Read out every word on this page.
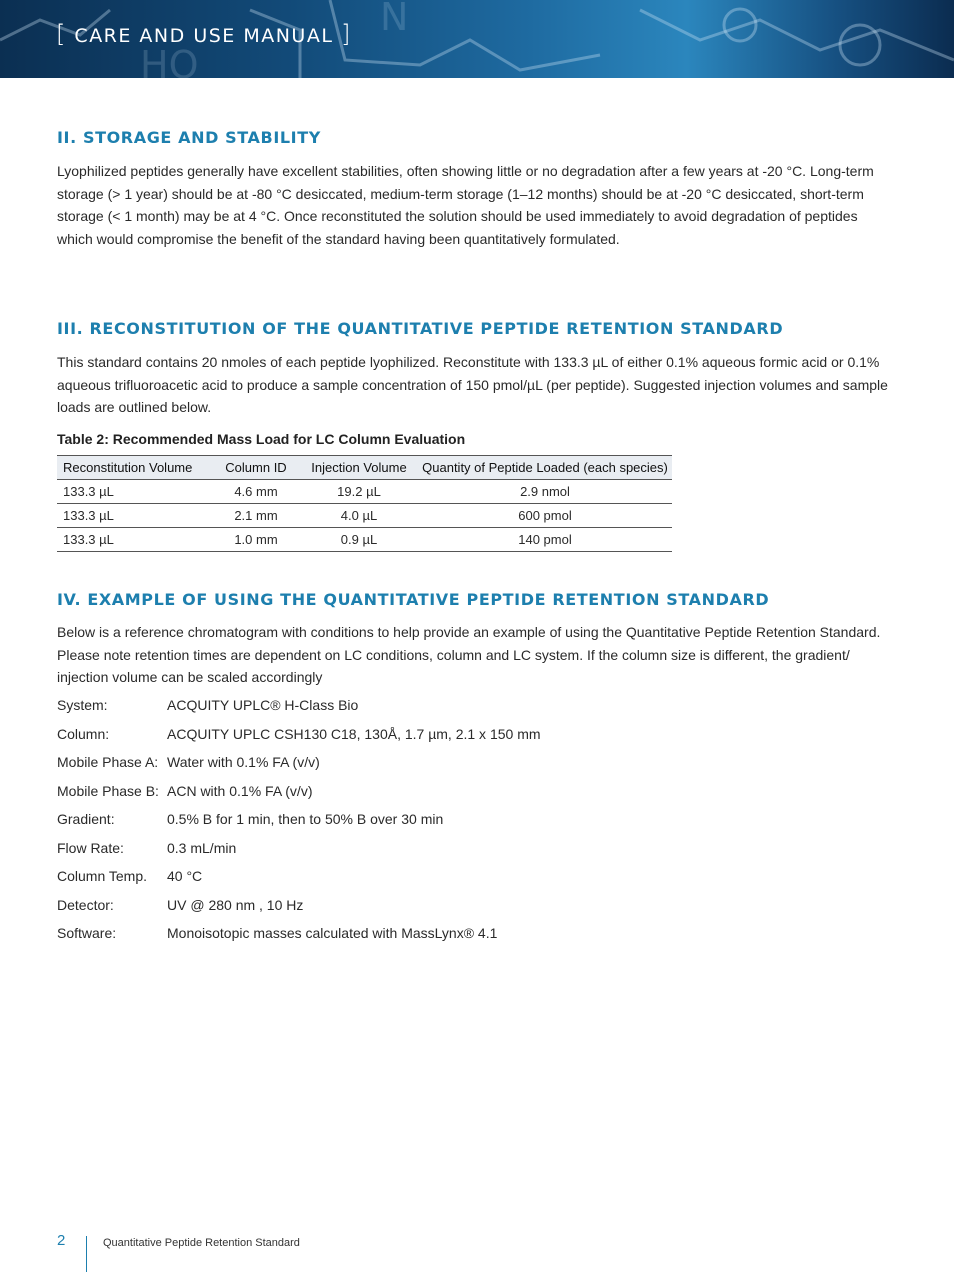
HO
N
[ CARE AND USE MANUAL ]
II. STORAGE AND STABILITY

Lyophilized peptides generally have excellent stabilities, often showing little or no degradation after a few years at -20 °C. Long-term storage (> 1 year) should be at -80 °C desiccated, medium-term storage (1–12 months) should be at -20 °C desiccated, short-term storage (< 1 month) may be at 4 °C. Once reconstituted the solution should be used immediately to avoid degradation of peptides which would compromise the benefit of the standard having been quantitatively formulated.

III. RECONSTITUTION OF THE QUANTITATIVE PEPTIDE RETENTION STANDARD

This standard contains 20 nmoles of each peptide lyophilized. Reconstitute with 133.3 µL of either 0.1% aqueous formic acid or 0.1% aqueous trifluoroacetic acid to produce a sample concentration of 150 pmol/µL (per peptide). Suggested injection volumes and sample loads are outlined below.

Table 2: Recommended Mass Load for LC Column Evaluation
Reconstitution Volume	Column ID	Injection Volume	Quantity of Peptide Loaded (each species)
133.3 µL	4.6 mm	19.2 µL	2.9 nmol
133.3 µL	2.1 mm	4.0 µL	600 pmol
133.3 µL	1.0 mm	0.9 µL	140 pmol
IV. EXAMPLE OF USING THE QUANTITATIVE PEPTIDE RETENTION STANDARD

Below is a reference chromatogram with conditions to help provide an example of using the Quantitative Peptide Retention Standard. Please note retention times are dependent on LC conditions, column and LC system. If the column size is different, the gradient/ injection volume can be scaled accordingly

System:	ACQUITY UPLC® H-Class Bio
Column:	ACQUITY UPLC CSH130 C18, 130Å, 1.7 µm, 2.1 x 150 mm
Mobile Phase A: Water with 0.1% FA (v/v)
Mobile Phase B: ACN with 0.1% FA (v/v)
Gradient:	0.5% B for 1 min, then to 50% B over 30 min
Flow Rate:	0.3 mL/min
Column Temp.	40 °C
Detector:	UV @ 280 nm , 10 Hz
Software:	Monoisotopic masses calculated with MassLynx® 4.1
2	Quantitative Peptide Retention Standard
